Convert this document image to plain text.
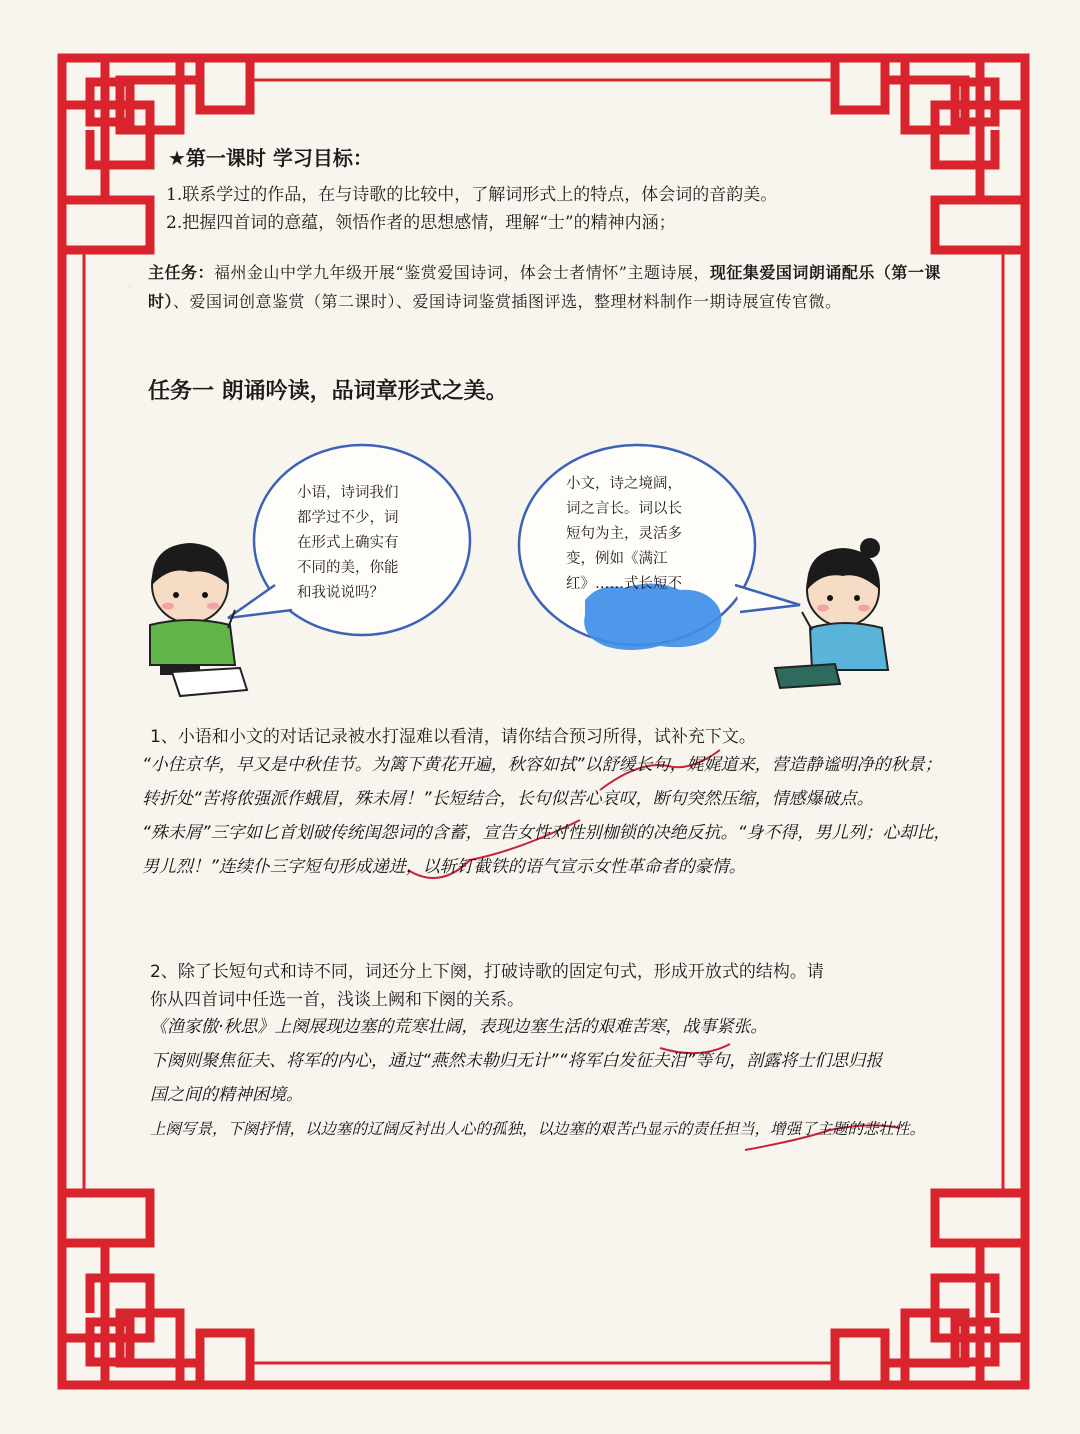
★第一课时 学习目标：
1.联系学过的作品，在与诗歌的比较中，了解词形式上的特点，体会词的音韵美。
2.把握四首词的意蕴，领悟作者的思想感情，理解“士”的精神内涵；
主任务：福州金山中学九年级开展“鉴赏爱国诗词，体会士者情怀”主题诗展，现征集爱国词朗诵配乐（第一课时）、爱国词创意鉴赏（第二课时）、爱国诗词鉴赏插图评选，整理材料制作一期诗展宣传官微。
任务一 朗诵吟读，品词章形式之美。
小语，诗词我们
都学过不少，词
在形式上确实有
不同的美，你能
和我说说吗？
小文，诗之境阔，
词之言长。词以长
短句为主，灵活多
变，例如《满江
红》……式长短不
1、小语和小文的对话记录被水打湿难以看清，请你结合预习所得，试补充下文。
“小住京华，早又是中秋佳节。为篱下黄花开遍，秋容如拭”以舒缓长句，娓娓道来，营造静谧明净的秋景；
转折处“苦将侬强派作蛾眉，殊未屑！”长短结合，长句似苦心哀叹，断句突然压缩，情感爆破点。
“殊未屑”三字如匕首划破传统闺怨词的含蓄，宣告女性对性别枷锁的决绝反抗。“身不得，男儿列；心却比，
男儿烈！”连续仆三字短句形成递进，以斩钉截铁的语气宣示女性革命者的豪情。
2、除了长短句式和诗不同，词还分上下阕，打破诗歌的固定句式，形成开放式的结构。请
你从四首词中任选一首，浅谈上阙和下阕的关系。
《渔家傲·秋思》上阕展现边塞的荒寒壮阔，表现边塞生活的艰难苦寒，战事紧张。
下阕则聚焦征夫、将军的内心，通过“燕然未勒归无计”“将军白发征夫泪”等句，剖露将士们思归报
国之间的精神困境。
上阕写景，下阕抒情，以边塞的辽阔反衬出人心的孤独，以边塞的艰苦凸显示的责任担当，增强了主题的悲壮性。
